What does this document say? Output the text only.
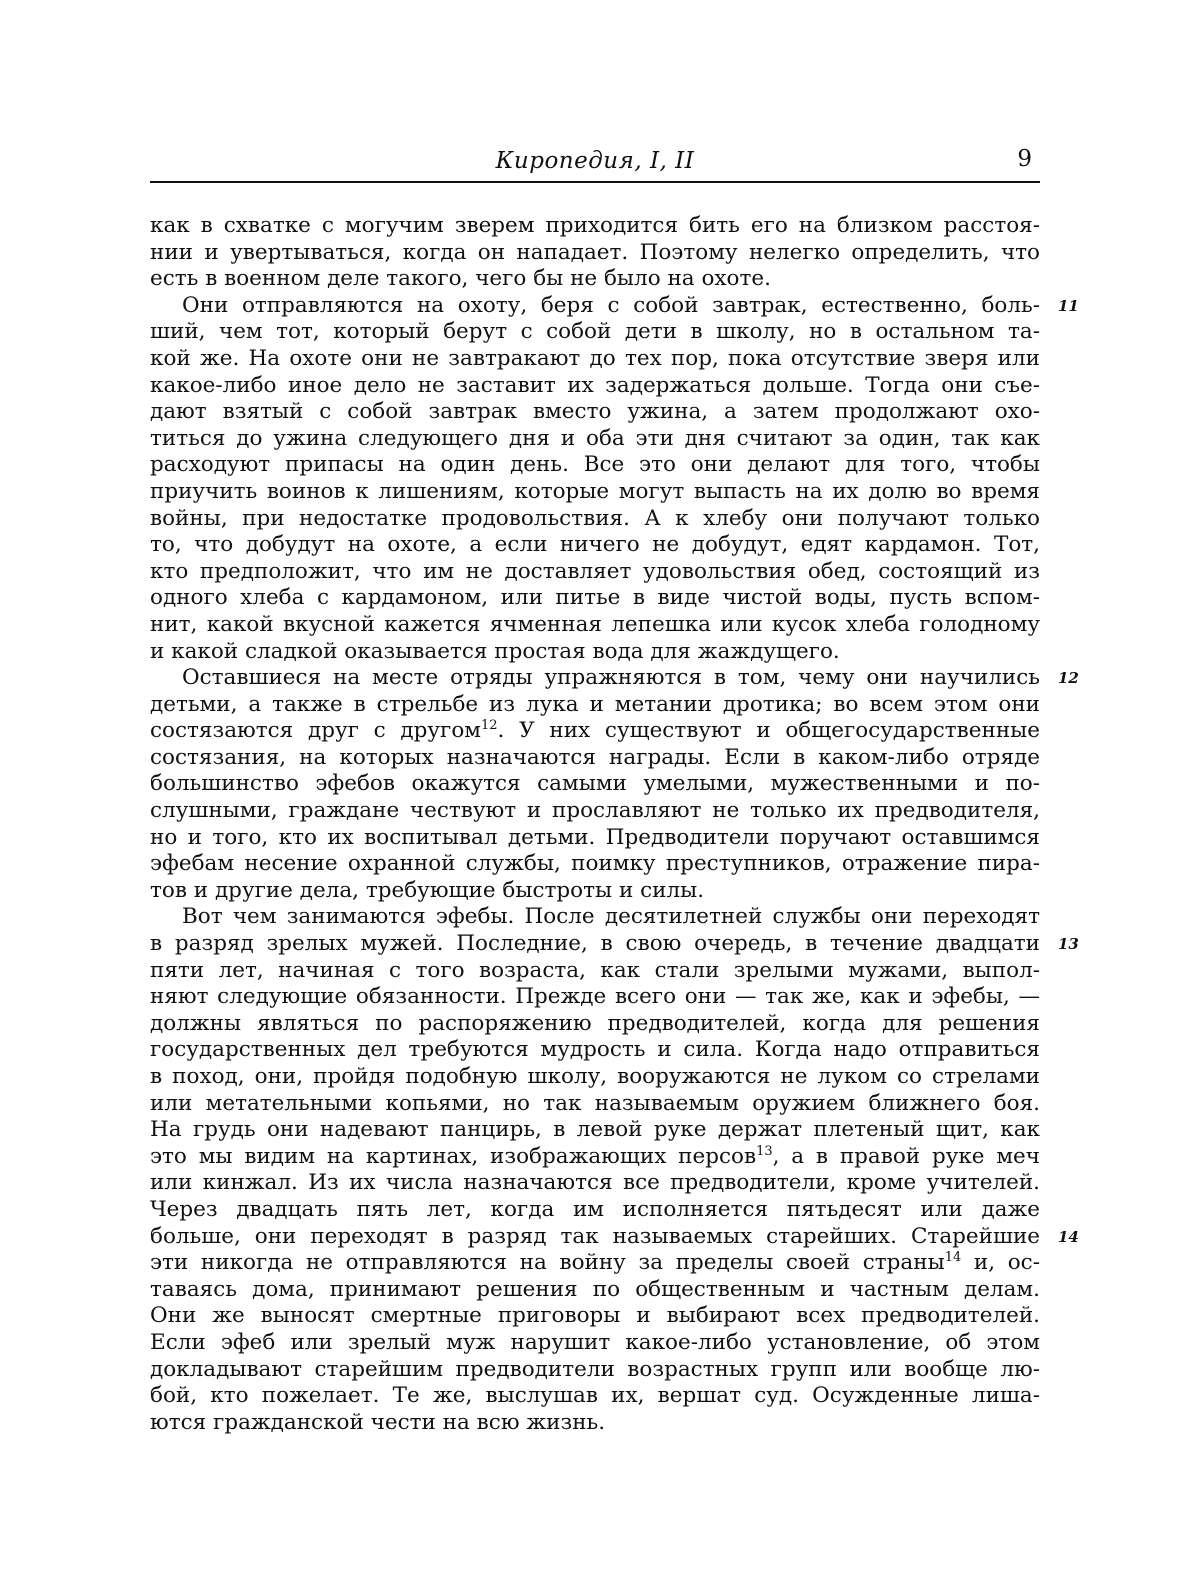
Киропедия, I, II	9
как в схватке с могучим зверем приходится бить его на близком расстоя-
нии и увертываться, когда он нападает. Поэтому нелегко определить, что
есть в военном деле такого, чего бы не было на охоте.
Они отправляются на охоту, беря с собой завтрак, естественно, боль- 11
ший, чем тот, который берут с собой дети в школу, но в остальном та-
кой же. На охоте они не завтракают до тех пор, пока отсутствие зверя или
какое-либо иное дело не заставит их задержаться дольше. Тогда они съе-
дают взятый с собой завтрак вместо ужина, а затем продолжают охо-
титься до ужина следующего дня и оба эти дня считают за один, так как
расходуют припасы на один день. Все это они делают для того, чтобы
приучить воинов к лишениям, которые могут выпасть на их долю во время
войны, при недостатке продовольствия. А к хлебу они получают только
то, что добудут на охоте, а если ничего не добудут, едят кардамон. Тот,
кто предположит, что им не доставляет удовольствия обед, состоящий из
одного хлеба с кардамоном, или питье в виде чистой воды, пусть вспом-
нит, какой вкусной кажется ячменная лепешка или кусок хлеба голодному
и какой сладкой оказывается простая вода для жаждущего.
Оставшиеся на месте отряды упражняются в том, чему они научились 12
детьми, а также в стрельбе из лука и метании дротика; во всем этом они
состязаются друг с другом$^{12}$. У них существуют и общегосударственные
состязания, на которых назначаются награды. Если в каком-либо отряде
большинство эфебов окажутся самыми умелыми, мужественными и по-
слушными, граждане чествуют и прославляют не только их предводителя,
но и того, кто их воспитывал детьми. Предводители поручают оставшимся
эфебам несение охранной службы, поимку преступников, отражение пира-
тов и другие дела, требующие быстроты и силы.
Вот чем занимаются эфебы. После десятилетней службы они переходят
в разряд зрелых мужей. Последние, в свою очередь, в течение двадцати 13
пяти лет, начиная с того возраста, как стали зрелыми мужами, выпол-
няют следующие обязанности. Прежде всего они — так же, как и эфебы, —
должны являться по распоряжению предводителей, когда для решения
государственных дел требуются мудрость и сила. Когда надо отправиться
в поход, они, пройдя подобную школу, вооружаются не луком со стрелами
или метательными копьями, но так называемым оружием ближнего боя.
На грудь они надевают панцирь, в левой руке держат плетеный щит, как
это мы видим на картинах, изображающих персов$^{13}$, а в правой руке меч
или кинжал. Из их числа назначаются все предводители, кроме учителей.
Через двадцать пять лет, когда им исполняется пятьдесят или даже
больше, они переходят в разряд так называемых старейших. Старейшие 14
эти никогда не отправляются на войну за пределы своей страны$^{14}$ и, ос-
таваясь дома, принимают решения по общественным и частным делам.
Они же выносят смертные приговоры и выбирают всех предводителей.
Если эфеб или зрелый муж нарушит какое-либо установление, об этом
докладывают старейшим предводители возрастных групп или вообще лю-
бой, кто пожелает. Те же, выслушав их, вершат суд. Осужденные лиша-
ются гражданской чести на всю жизнь.
